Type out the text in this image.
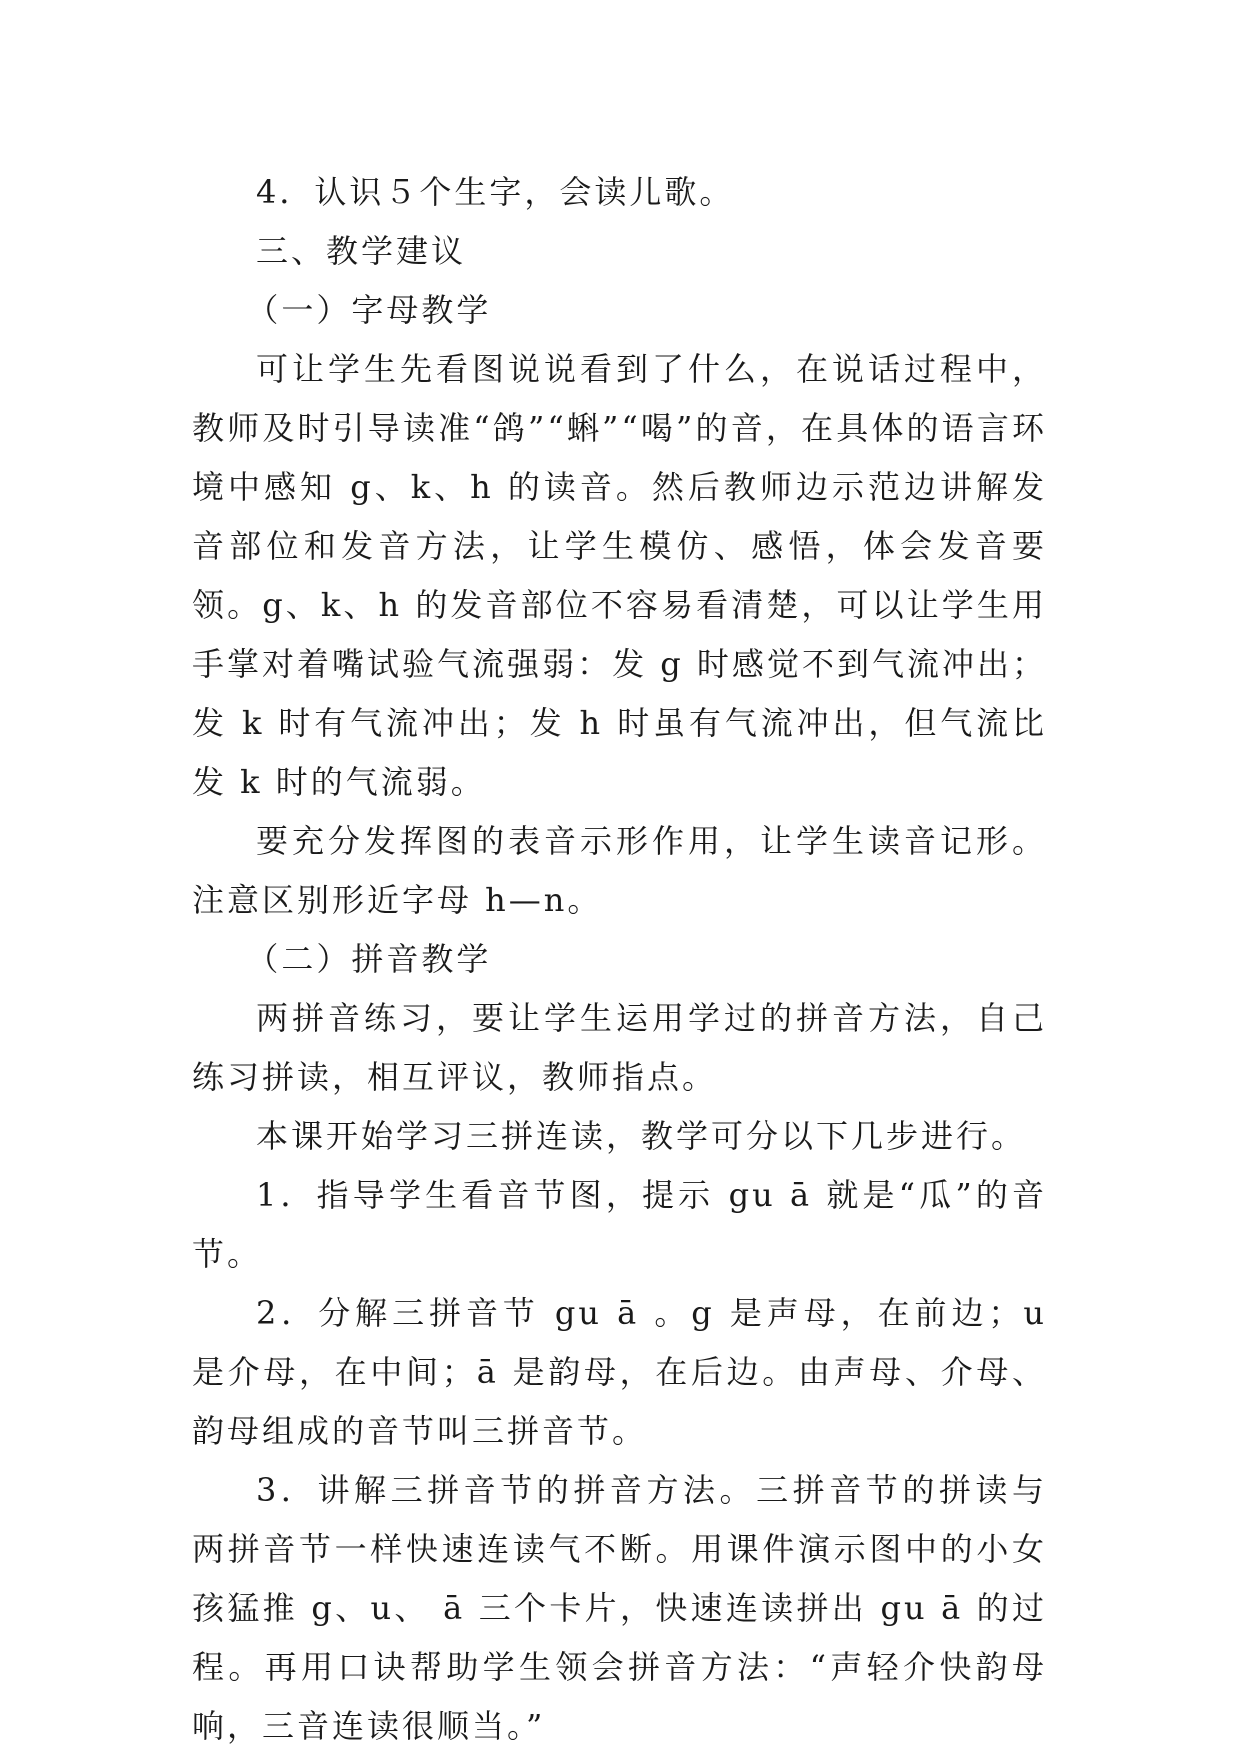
4．认识５个生字，会读儿歌。

三、教学建议

（一）字母教学

可让学生先看图说说看到了什么，在说话过程中，教师及时引导读准“鸽”“蝌”“喝”的音，在具体的语言环境中感知 g、k、h 的读音。然后教师边示范边讲解发音部位和发音方法，让学生模仿、感悟，体会发音要领。g、k、h 的发音部位不容易看清楚，可以让学生用手掌对着嘴试验气流强弱：发 g 时感觉不到气流冲出；发 k 时有气流冲出；发 h 时虽有气流冲出，但气流比发 k 时的气流弱。

要充分发挥图的表音示形作用，让学生读音记形。注意区别形近字母 h—n。

（二）拼音教学

两拼音练习，要让学生运用学过的拼音方法，自己练习拼读，相互评议，教师指点。

本课开始学习三拼连读，教学可分以下几步进行。

1．指导学生看音节图，提示 gu ā 就是“瓜”的音节。

2．分解三拼音节 gu ā 。g 是声母，在前边；u 是介母，在中间；ā 是韵母，在后边。由声母、介母、韵母组成的音节叫三拼音节。

3．讲解三拼音节的拼音方法。三拼音节的拼读与两拼音节一样快速连读气不断。用课件演示图中的小女孩猛推 g、u、 ā 三个卡片，快速连读拼出 gu ā 的过程。再用口诀帮助学生领会拼音方法：“声轻介快韵母响，三音连读很顺当。”
